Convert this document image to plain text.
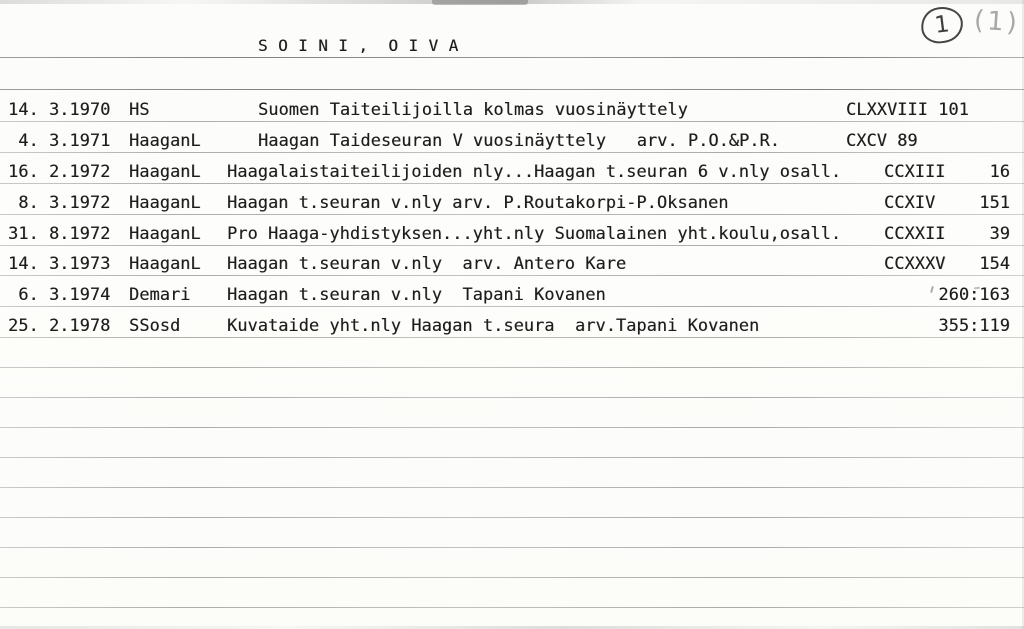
S O I N I ,  O I V A
1 (1)
14. 3.1970 HS	Suomen Taiteilijoilla kolmas vuosinäyttely	CLXXVIII 101
4. 3.1971 HaaganL	Haagan Taideseuran V vuosinäyttely   arv. P.O.&P.R.	CXCV 89
16. 2.1972 HaaganL Haagalaistaiteilijoiden nly...Haagan t.seuran 6 v.nly osall.	CCXIII	16
8. 3.1972 HaaganL Haagan t.seuran v.nly arv. P.Routakorpi-P.Oksanen	CCXIV	151
31. 8.1972 HaaganL Pro Haaga-yhdistyksen...yht.nly Suomalainen yht.koulu,osall.	CCXXII	39
14. 3.1973 HaaganL Haagan t.seuran v.nly  arv. Antero Kare	CCXXXV	154
6. 3.1974 Demari Haagan t.seuran v.nly  Tapani Kovanen	260:163
25. 2.1978 SSosd	Kuvataide yht.nly Haagan t.seura  arv.Tapani Kovanen	355:119
